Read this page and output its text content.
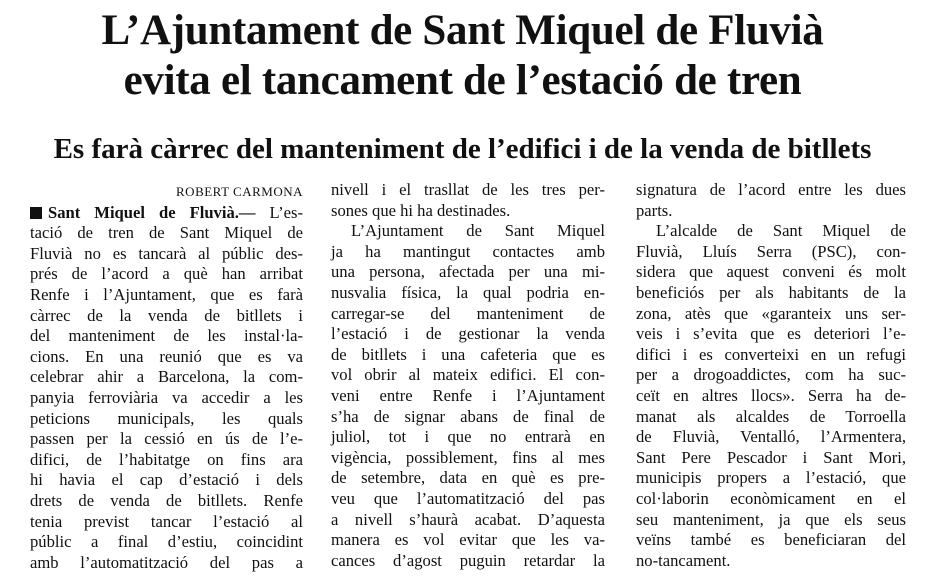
L’Ajuntament de Sant Miquel de Fluvià
evita el tancament de l’estació de tren
Es farà càrrec del manteniment de l’edifici i de la venda de bitllets
ROBERT CARMONA
Sant Miquel de Fluvià.— L’es-
tació de tren de Sant Miquel de
Fluvià no es tancarà al públic des-
prés de l’acord a què han arribat
Renfe i l’Ajuntament, que es farà
càrrec de la venda de bitllets i
del manteniment de les instal·la-
cions. En una reunió que es va
celebrar ahir a Barcelona, la com-
panyia ferroviària va accedir a les
peticions municipals, les quals
passen per la cessió en ús de l’e-
difici, de l’habitatge on fins ara
hi havia el cap d’estació i dels
drets de venda de bitllets. Renfe
tenia previst tancar l’estació al
públic a final d’estiu, coincidint
amb l’automatització del pas a
nivell i el trasllat de les tres per-
sones que hi ha destinades.
L’Ajuntament de Sant Miquel
ja ha mantingut contactes amb
una persona, afectada per una mi-
nusvalia física, la qual podria en-
carregar-se del manteniment de
l’estació i de gestionar la venda
de bitllets i una cafeteria que es
vol obrir al mateix edifici. El con-
veni entre Renfe i l’Ajuntament
s’ha de signar abans de final de
juliol, tot i que no entrarà en
vigència, possiblement, fins al mes
de setembre, data en què es pre-
veu que l’automatització del pas
a nivell s’haurà acabat. D’aquesta
manera es vol evitar que les va-
cances d’agost puguin retardar la
signatura de l’acord entre les dues
parts.
L’alcalde de Sant Miquel de
Fluvià, Lluís Serra (PSC), con-
sidera que aquest conveni és molt
beneficiós per als habitants de la
zona, atès que «garanteix uns ser-
veis i s’evita que es deteriori l’e-
difici i es converteixi en un refugi
per a drogoaddictes, com ha suc-
ceït en altres llocs». Serra ha de-
manat als alcaldes de Torroella
de Fluvià, Ventalló, l’Armentera,
Sant Pere Pescador i Sant Mori,
municipis propers a l’estació, que
col·laborin econòmicament en el
seu manteniment, ja que els seus
veïns també es beneficiaran del
no-tancament.
